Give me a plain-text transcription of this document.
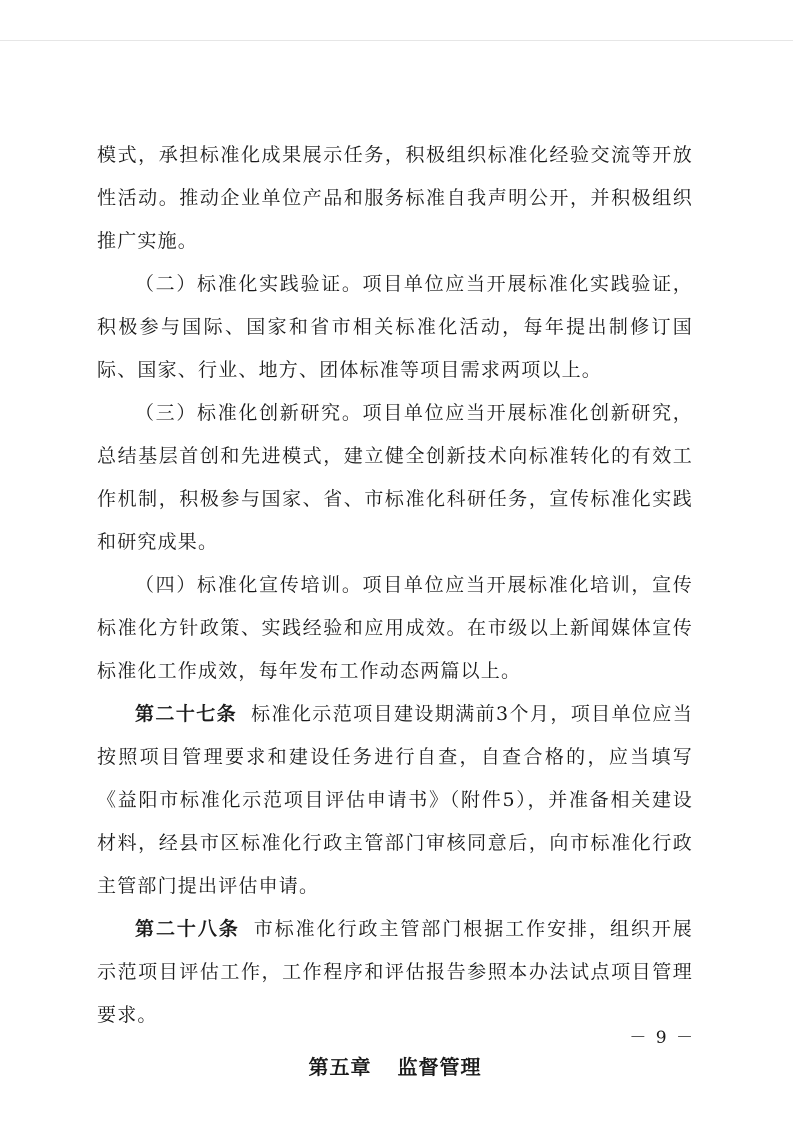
模式，承担标准化成果展示任务，积极组织标准化经验交流等开放性活动。推动企业单位产品和服务标准自我声明公开，并积极组织推广实施。

（二）标准化实践验证。项目单位应当开展标准化实践验证，积极参与国际、国家和省市相关标准化活动，每年提出制修订国际、国家、行业、地方、团体标准等项目需求两项以上。

（三）标准化创新研究。项目单位应当开展标准化创新研究，总结基层首创和先进模式，建立健全创新技术向标准转化的有效工作机制，积极参与国家、省、市标准化科研任务，宣传标准化实践和研究成果。

（四）标准化宣传培训。项目单位应当开展标准化培训，宣传标准化方针政策、实践经验和应用成效。在市级以上新闻媒体宣传标准化工作成效，每年发布工作动态两篇以上。

第二十七条 标准化示范项目建设期满前3个月，项目单位应当按照项目管理要求和建设任务进行自查，自查合格的，应当填写《益阳市标准化示范项目评估申请书》（附件5），并准备相关建设材料，经县市区标准化行政主管部门审核同意后，向市标准化行政主管部门提出评估申请。

第二十八条 市标准化行政主管部门根据工作安排，组织开展示范项目评估工作，工作程序和评估报告参照本办法试点项目管理要求。

第五章 监督管理
－ 9 －
